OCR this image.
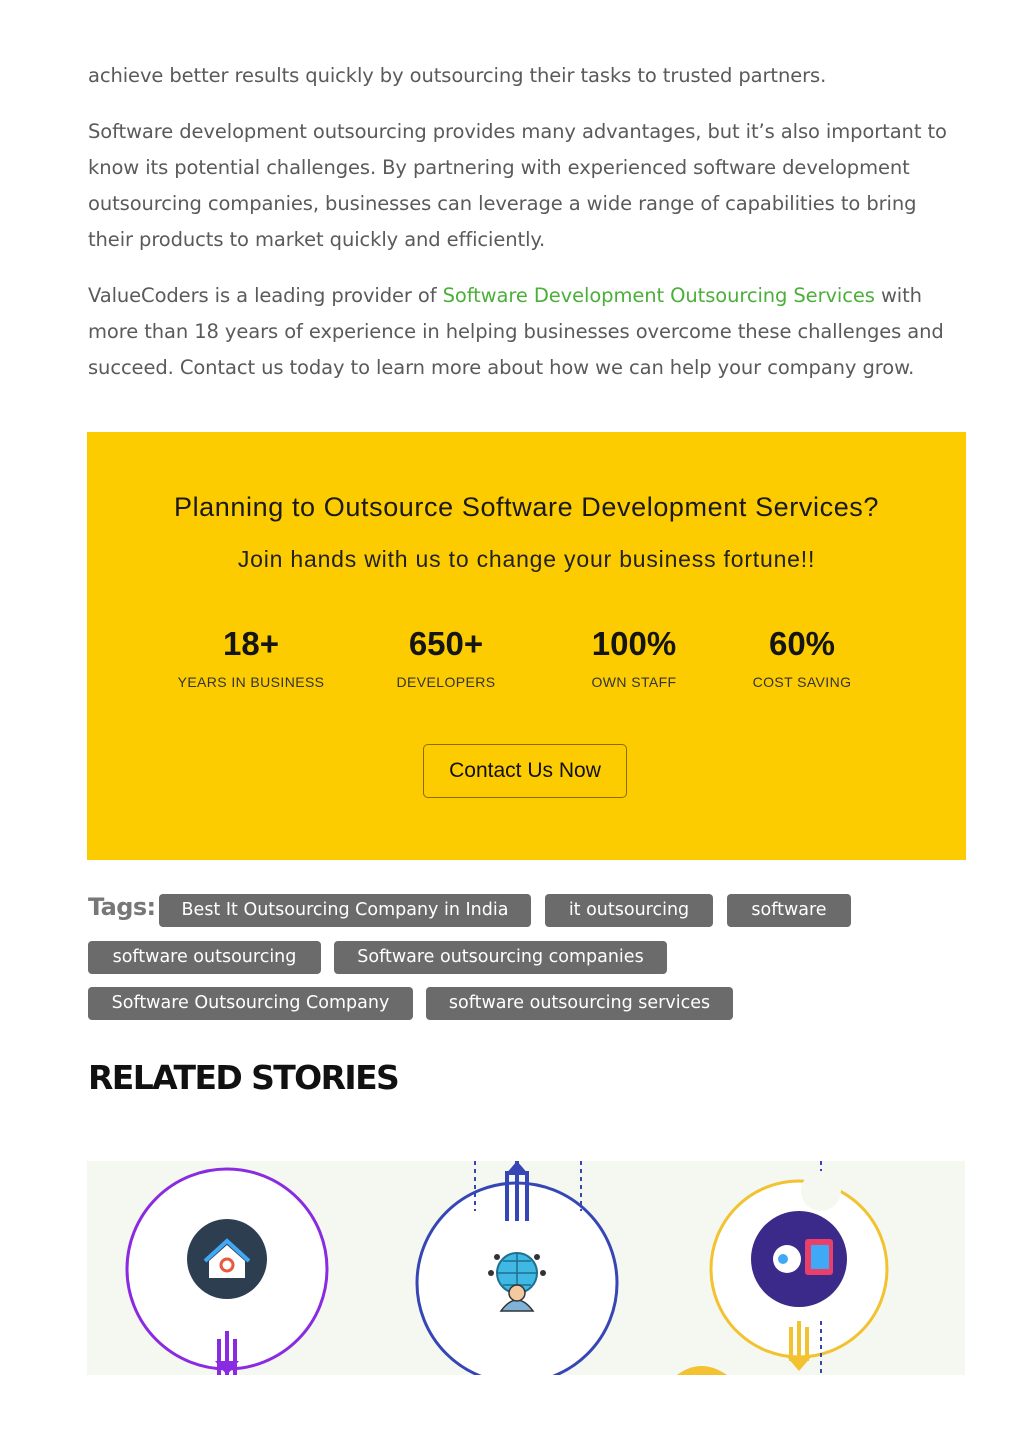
achieve better results quickly by outsourcing their tasks to trusted partners.

Software development outsourcing provides many advantages, but it’s also important to know its potential challenges. By partnering with experienced software development outsourcing companies, businesses can leverage a wide range of capabilities to bring their products to market quickly and efficiently.

ValueCoders is a leading provider of Software Development Outsourcing Services with more than 18 years of experience in helping businesses overcome these challenges and succeed. Contact us today to learn more about how we can help your company grow.

Planning to Outsource Software Development Services?
Join hands with us to change your business fortune!!
18+
YEARS IN BUSINESS
650+
DEVELOPERS
100%
OWN STAFF
60%
COST SAVING
Contact Us Now
Tags:	Best It Outsourcing Company in India	it outsourcing	software
software outsourcing	Software outsourcing companies
Software Outsourcing Company	software outsourcing services
RELATED STORIES
